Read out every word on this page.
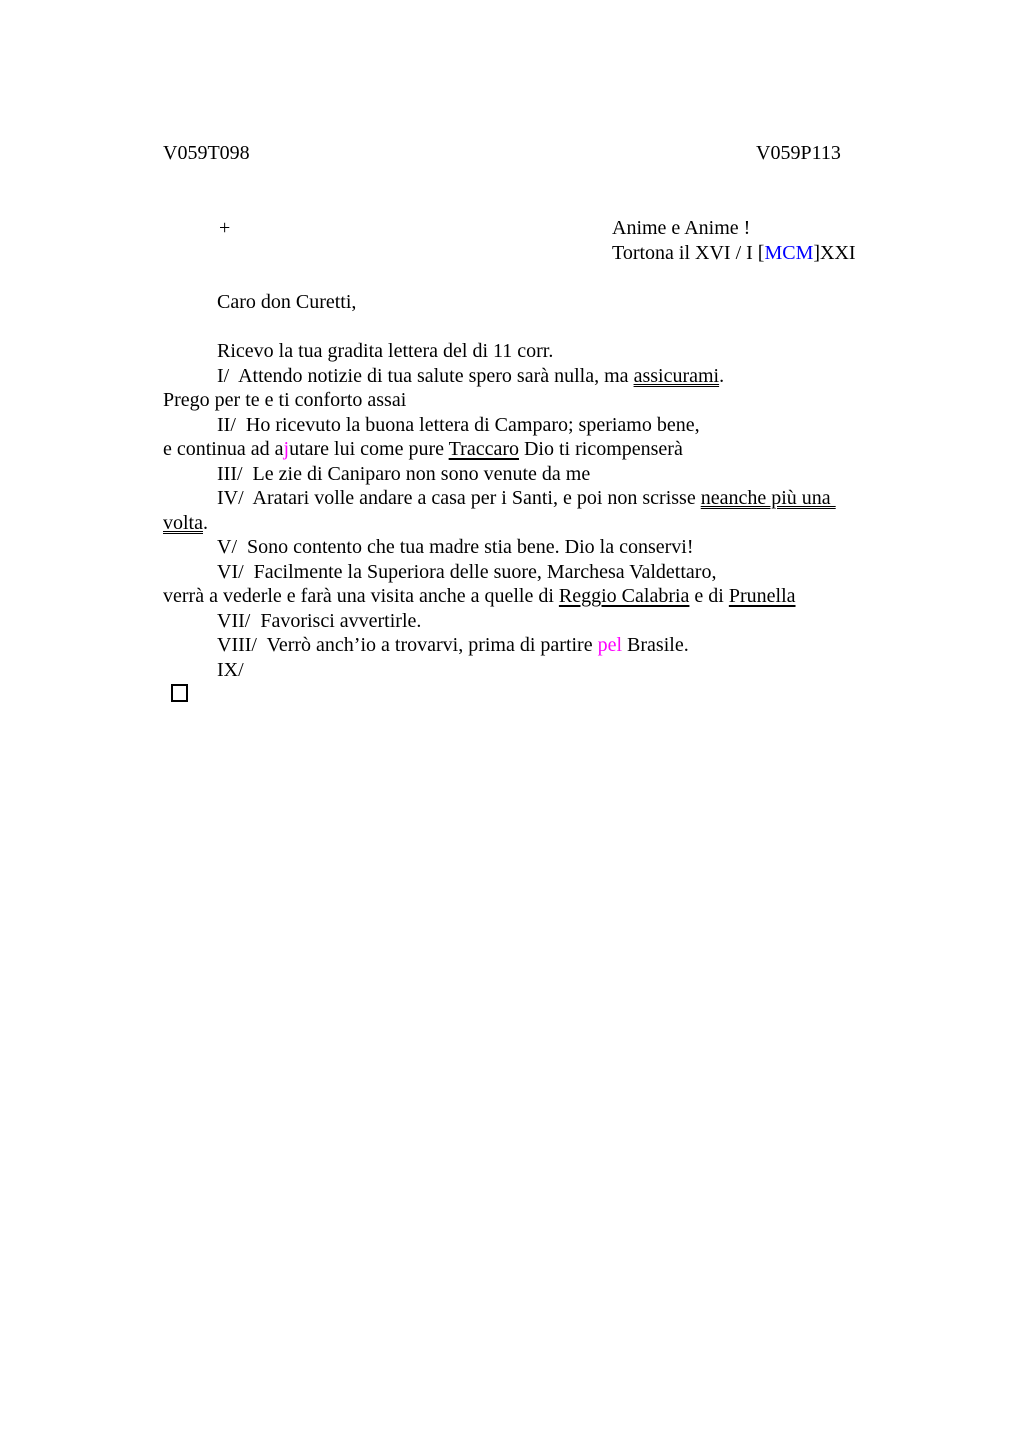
V059T098	V059P113
+	Anime e Anime !
Tortona il XVI / I [MCM]XXI
Caro don Curetti,

Ricevo la tua gradita lettera del di 11 corr.
I/  Attendo notizie di tua salute spero sarà nulla, ma assicurami.
Prego per te e ti conforto assai
II/  Ho ricevuto la buona lettera di Camparo; speriamo bene,
e continua ad ajutare lui come pure Traccaro Dio ti ricompenserà
III/  Le zie di Caniparo non sono venute da me
IV/  Aratari volle andare a casa per i Santi, e poi non scrisse neanche più una
volta.
V/  Sono contento che tua madre stia bene. Dio la conservi!
VI/  Facilmente la Superiora delle suore, Marchesa Valdettaro,
verrà a vederle e farà una visita anche a quelle di Reggio Calabria e di Prunella
VII/  Favorisci avvertirle.
VIII/  Verrò anch’io a trovarvi, prima di partire pel Brasile.
IX/
